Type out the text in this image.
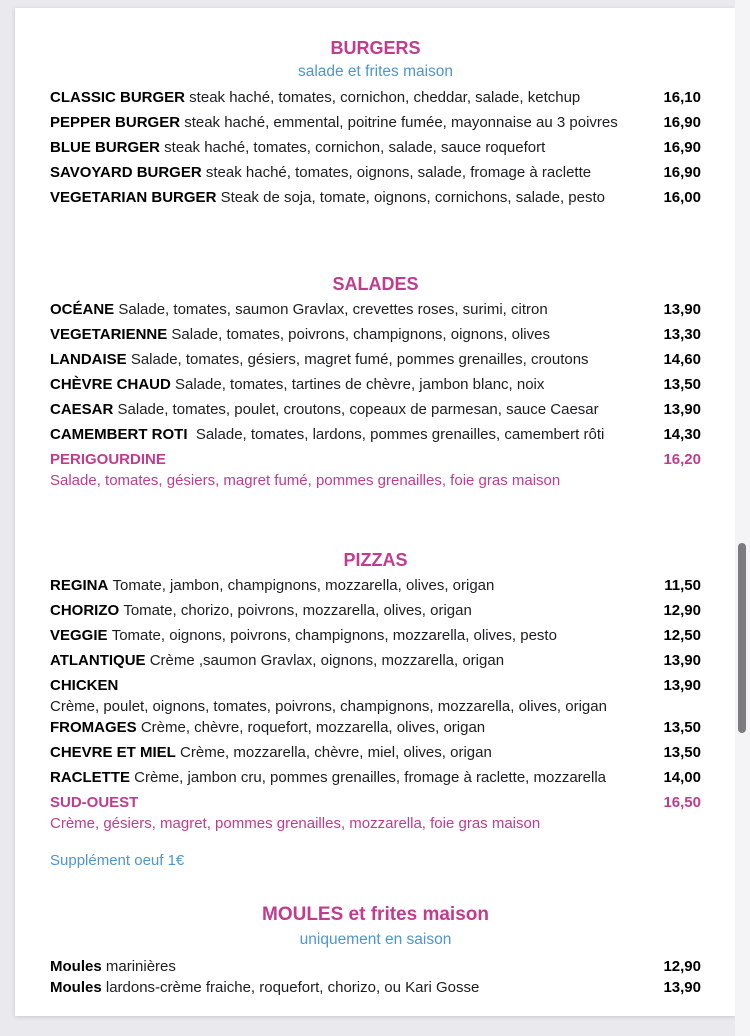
BURGERS
salade et frites maison
CLASSIC BURGER steak haché, tomates, cornichon, cheddar, salade, ketchup	16,10
PEPPER BURGER steak haché, emmental, poitrine fumée, mayonnaise au 3 poivres	16,90
BLUE BURGER steak haché, tomates, cornichon, salade, sauce roquefort	16,90
SAVOYARD BURGER steak haché, tomates, oignons, salade, fromage à raclette	16,90
VEGETARIAN BURGER Steak de soja, tomate, oignons, cornichons, salade, pesto	16,00
SALADES
OCÉANE Salade, tomates, saumon Gravlax, crevettes roses, surimi, citron	13,90
VEGETARIENNE Salade, tomates, poivrons, champignons, oignons, olives	13,30
LANDAISE Salade, tomates, gésiers, magret fumé, pommes grenailles, croutons	14,60
CHÈVRE CHAUD Salade, tomates, tartines de chèvre, jambon blanc, noix	13,50
CAESAR Salade, tomates, poulet, croutons, copeaux de parmesan, sauce Caesar	13,90
CAMEMBERT ROTI  Salade, tomates, lardons, pommes grenailles, camembert rôti	14,30
PERIGOURDINE	16,20
Salade, tomates, gésiers, magret fumé, pommes grenailles, foie gras maison
PIZZAS
REGINA Tomate, jambon, champignons, mozzarella, olives, origan	11,50
CHORIZO Tomate, chorizo, poivrons, mozzarella, olives, origan	12,90
VEGGIE Tomate, oignons, poivrons, champignons, mozzarella, olives, pesto	12,50
ATLANTIQUE Crème ,saumon Gravlax, oignons, mozzarella, origan	13,90
CHICKEN	13,90
Crème, poulet, oignons, tomates, poivrons, champignons, mozzarella, olives, origan
FROMAGES Crème, chèvre, roquefort, mozzarella, olives, origan	13,50
CHEVRE ET MIEL Crème, mozzarella, chèvre, miel, olives, origan	13,50
RACLETTE Crème, jambon cru, pommes grenailles, fromage à raclette, mozzarella	14,00
SUD-OUEST	16,50
Crème, gésiers, magret, pommes grenailles, mozzarella, foie gras maison
Supplément oeuf 1€
MOULES et frites maison
uniquement en saison
Moules marinières	12,90
Moules lardons-crème fraiche, roquefort, chorizo, ou Kari Gosse	13,90
